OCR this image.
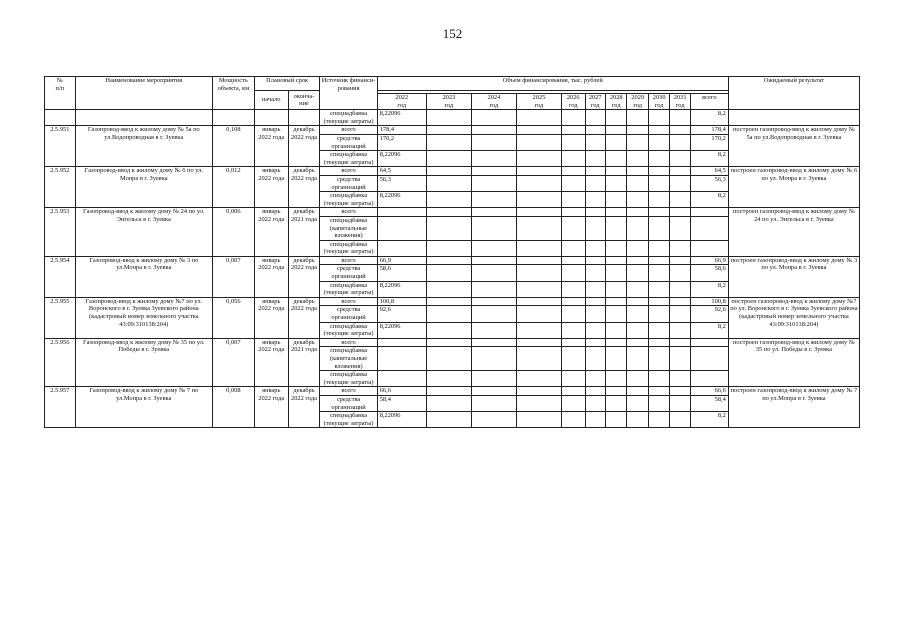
152
№
п/п	Наименование мероприятия	Мощность объекта, км	Плановый срок		Источник финанси-
рования	Объем финансирования, тыс. рублей											Ожидаемый результат
			начало	оконча-
ние													
						2022
год	2023
год	2024
год	2025
год	2026
год	2027
год	2028
год	2029
год	2030
год	2031
год	всего	
					спецнадбавка (текущие затраты)	8,22096										8,2	
2.5.951	Газопровод-ввод к жилому дому № 5а по ул.Водопроводная в г. Зуевка	0,108	январь 2022 года	декабрь 2022 года	всего	178,4										178,4	построен газопровод-ввод к жилому дому № 5а по ул.Водопроводная в г. Зуевка
					средства организаций	170,2										170,2	
					спецнадбавка (текущие затраты)	8,22096										8,2	
2.5.952	Газопровод-ввод к жилому дому № 6 по ул. Мопра в г. Зуевка	0,012	январь 2022 года	декабрь 2022 года	всего	64,5										64,5	построен газопровод-ввод к жилому дому № 6 по ул. Мопра в г. Зуевка
					средства организаций	56,3										56,3	
					спецнадбавка (текущие затраты)	8,22096										8,2	
2.5.953	Газопровод-ввод к жилому дому № 24 по ул. Энгельса в г. Зуевка	0,006	январь 2022 года	декабрь 2021 года	всего												построен газопровод-ввод к жилому дому № 24 по ул. Энгельса в г. Зуевка
					спецнадбавка (капитальные вложения)												
					спецнадбавка (текущие затраты)												
2.5.954	Газопровод-ввод к жилому дому № 3 по ул.Мопра в г. Зуевка	0,007	январь 2022 года	декабрь 2022 года	всего	66,9										66,9	построен газопровод-ввод к жилому дому № 3 по ул. Мопра в г. Зуевка
					средства организаций	58,6										58,6	
					спецнадбавка (текущие затраты)	8,22096										8,2	
2.5.955	Газопровод-ввод к жилому дому №7 по ул. Воронского в г. Зуевка Зуевского района (кадастровый номер земельного участка 43:09:310138:204)	0,056	январь 2022 года	декабрь 2022 года	всего	100,8										100,8	построен газопровод-ввод к жилому дому №7 по ул. Воронского в г. Зуевка Зуевского района (кадастровый номер земельного участка 43:09:310138:204)
					средства организаций	92,6										92,6	
					спецнадбавка (текущие затраты)	8,22096										8,2	
2.5.956	Газопровод-ввод к жилому дому № 35 по ул. Победы в г. Зуевка	0,007	январь 2022 года	декабрь 2021 года	всего												построен газопровод-ввод к жилому дому № 35 по ул. Победы в г. Зуевка
					спецнадбавка (капитальные вложения)												
					спецнадбавка (текущие затраты)												
2.5.957	Газопровод-ввод к жилому дому № 7 по ул.Мопра в г. Зуевка	0,008	январь 2022 года	декабрь 2022 года	всего	66,6										66,6	построен газопровод-ввод к жилому дому № 7 по ул.Мопра в г. Зуевка
					средства организаций	58,4										58,4	
					спецнадбавка (текущие затраты)	8,22096										8,2	
